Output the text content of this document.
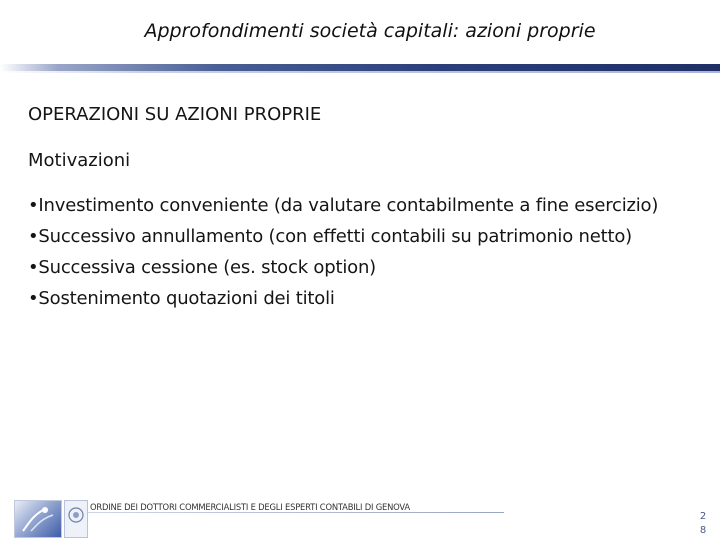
Approfondimenti società capitali: azioni proprie
OPERAZIONI SU AZIONI PROPRIE
Motivazioni
• Investimento conveniente (da valutare contabilmente a fine esercizio)
• Successivo annullamento (con effetti contabili su patrimonio netto)
• Successiva cessione (es. stock option)
• Sostenimento quotazioni dei titoli
ORDINE DEI DOTTORI COMMERCIALISTI E DEGLI ESPERTI CONTABILI DI GENOVA
2
8
